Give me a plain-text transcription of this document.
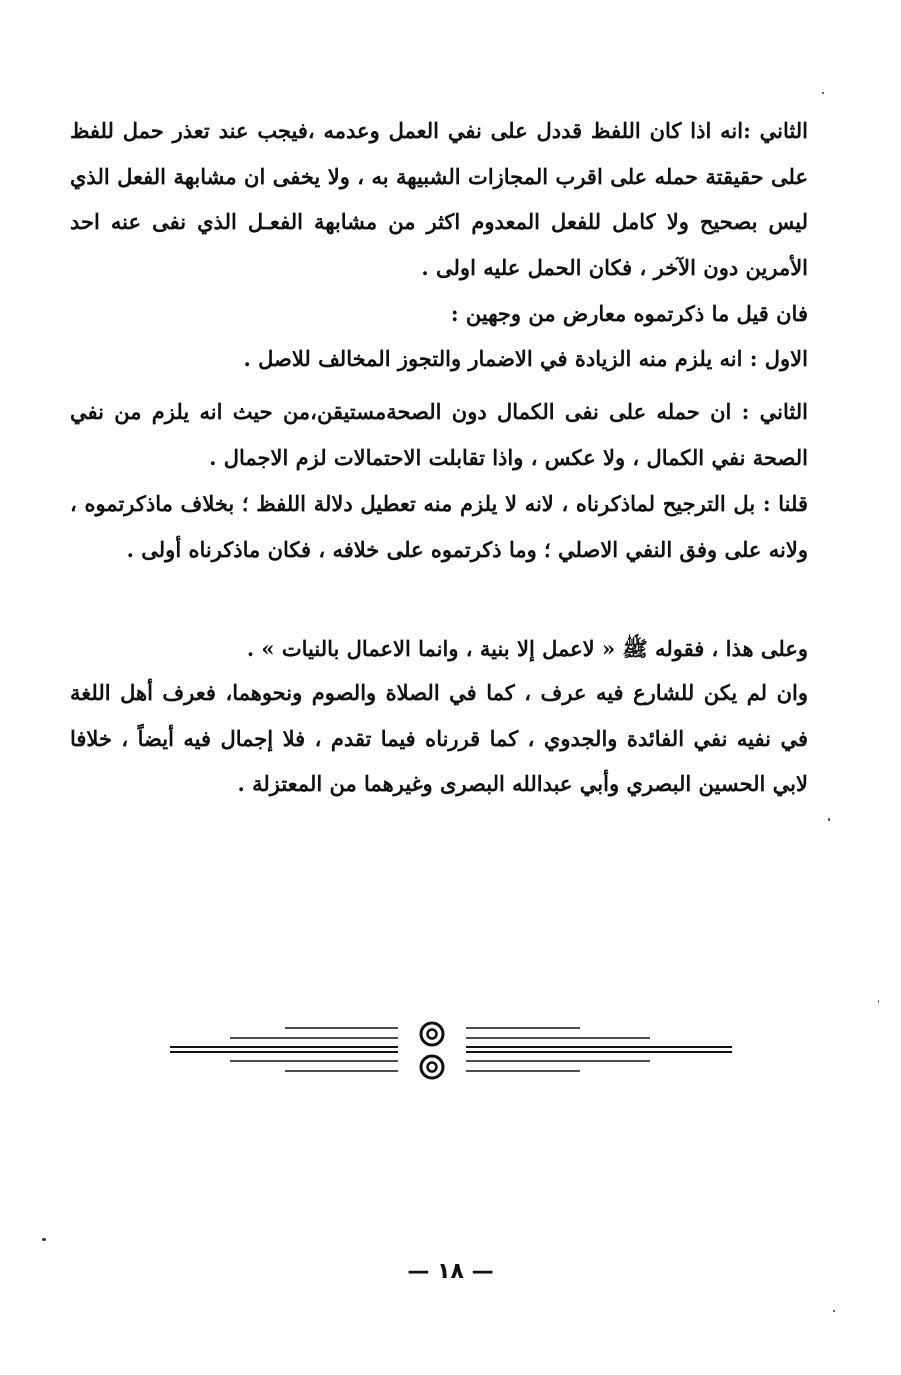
الثاني :انه اذا كان اللفظ قددل على نفي العمل وعدمه ،فيجب عند تعذر حمل للفظ على حقيقتة حمله على اقرب المجازات الشبيهة به ، ولا يخفى ان مشابهة الفعل الذي ليس بصحيح ولا كامل للفعل المعدوم اكثر من مشابهة الفعـل الذي نفى عنه احد الأمرين دون الآخر ، فكان الحمل عليه اولى .

فان قيل ما ذكرتموه معارض من وجهين :

الاول : انه يلزم منه الزيادة في الاضمار والتجوز المخالف للاصل .

الثاني : ان حمله على نفى الكمال دون الصحةمستيقن،من حيث انه يلزم من نفي الصحة نفي الكمال ، ولا عكس ، واذا تقابلت الاحتمالات لزم الاجمال .

قلنا : بل الترجيح لماذكرناه ، لانه لا يلزم منه تعطيل دلالة اللفظ ؛ بخلاف ماذكرتموه ، ولانه على وفق النفي الاصلي ؛ وما ذكرتموه على خلافه ، فكان ماذكرناه أولى .

وعلى هذا ، فقوله ﷺ « لاعمل إلا بنية ، وانما الاعمال بالنيات » .

وان لم يكن للشارع فيه عرف ، كما في الصلاة والصوم ونحوهما، فعرف أهل اللغة في نفيه نفي الفائدة والجدوي ، كما قررناه فيما تقدم ، فلا إجمال فيه أيضاً ، خلافا لابي الحسين البصري وأبي عبدالله البصرى وغيرهما من المعتزلة .

— ١٨ —
